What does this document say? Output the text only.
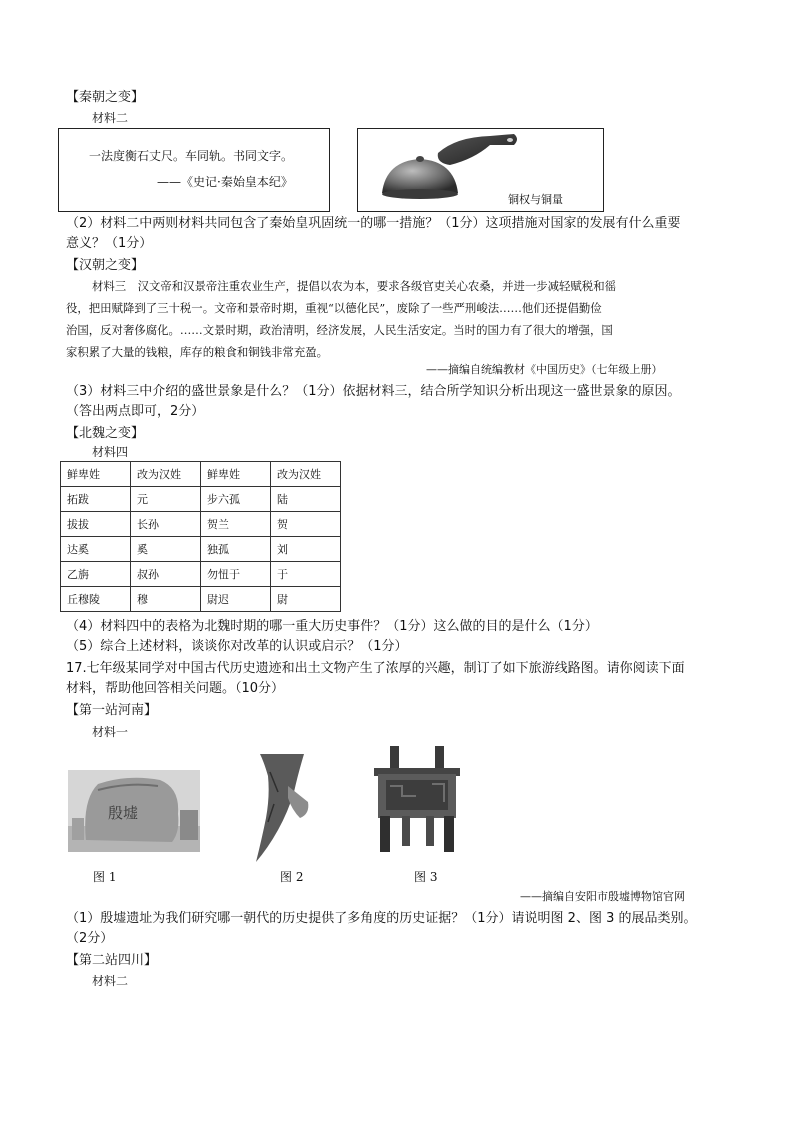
【秦朝之变】
材料二
一法度衡石丈尺。车同轨。书同文字。
——《史记·秦始皇本纪》
铜权与铜量
（2）材料二中两则材料共同包含了秦始皇巩固统一的哪一措施？（1分）这项措施对国家的发展有什么重要
意义？（1分）
【汉朝之变】
材料三　汉文帝和汉景帝注重农业生产，提倡以农为本，要求各级官吏关心农桑，并进一步减轻赋税和徭
役，把田赋降到了三十税一。文帝和景帝时期，重视“以德化民”，废除了一些严刑峻法……他们还提倡勤俭
治国，反对奢侈腐化。……文景时期，政治清明，经济发展，人民生活安定。当时的国力有了很大的增强，国
家积累了大量的钱粮，库存的粮食和铜钱非常充盈。
——摘编自统编教材《中国历史》（七年级上册）
（3）材料三中介绍的盛世景象是什么？（1分）依据材料三，结合所学知识分析出现这一盛世景象的原因。
（答出两点即可，2分）
【北魏之变】
材料四
鲜卑姓	改为汉姓	鲜卑姓	改为汉姓
拓跋	元	步六孤	陆
拔拔	长孙	贺兰	贺
达奚	奚	独孤	刘
乙旃	叔孙	勿忸于	于
丘穆陵	穆	尉迟	尉
（4）材料四中的表格为北魏时期的哪一重大历史事件？（1分）这么做的目的是什么（1分）
（5）综合上述材料，谈谈你对改革的认识或启示？（1分）
17.七年级某同学对中国古代历史遗迹和出土文物产生了浓厚的兴趣，制订了如下旅游线路图。请你阅读下面
材料，帮助他回答相关问题。（10分）
【第一站河南】
材料一
殷墟
图 1	图 2	图 3
——摘编自安阳市殷墟博物馆官网
（1）殷墟遗址为我们研究哪一朝代的历史提供了多角度的历史证据？（1分）请说明图 2、图 3 的展品类别。
（2分）
【第二站四川】
材料二
